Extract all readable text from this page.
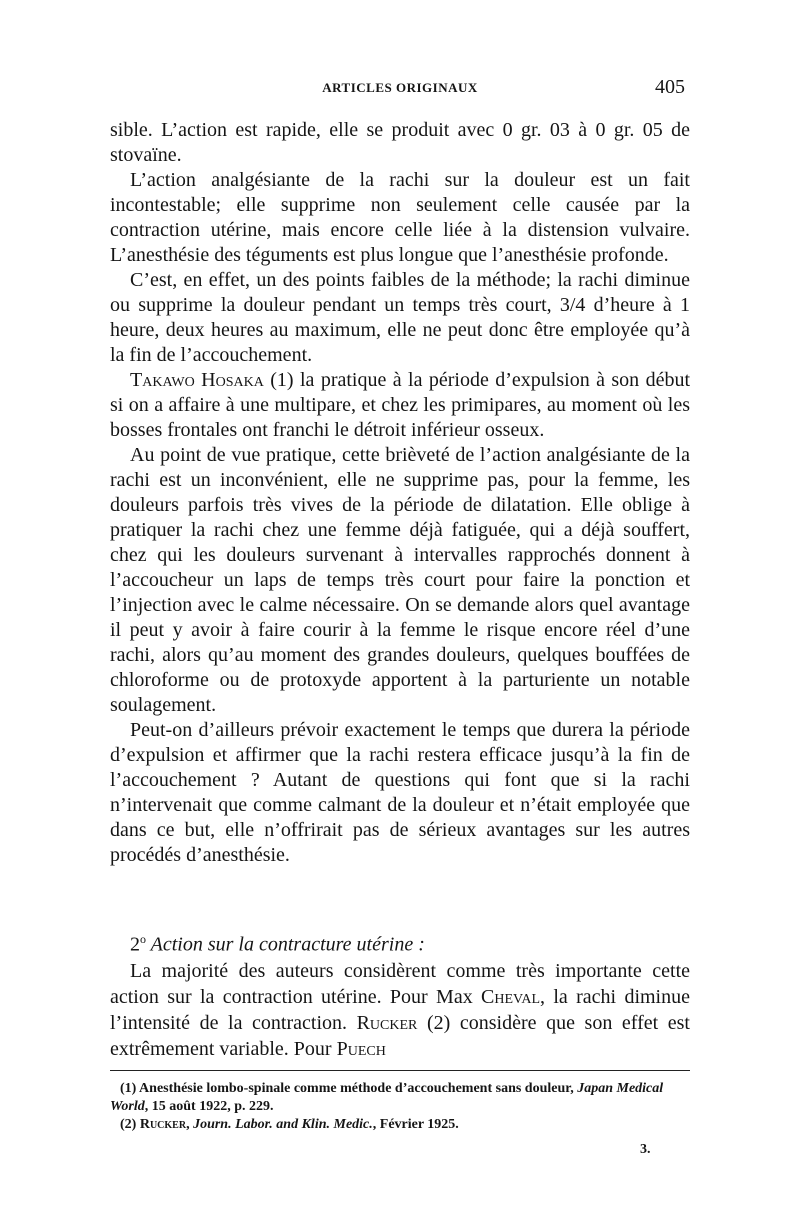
ARTICLES ORIGINAUX	405

sible. L’action est rapide, elle se produit avec 0 gr. 03 à 0 gr. 05 de stovaïne.

L’action analgésiante de la rachi sur la douleur est un fait incontestable; elle supprime non seulement celle causée par la contraction utérine, mais encore celle liée à la distension vulvaire. L’anesthésie des téguments est plus longue que l’anesthésie profonde.

C’est, en effet, un des points faibles de la méthode; la rachi diminue ou supprime la douleur pendant un temps très court, 3/4 d’heure à 1 heure, deux heures au maximum, elle ne peut donc être employée qu’à la fin de l’accouchement.

Takawo Hosaka (1) la pratique à la période d’expulsion à son début si on a affaire à une multipare, et chez les primipares, au moment où les bosses frontales ont franchi le détroit inférieur osseux.

Au point de vue pratique, cette brièveté de l’action analgésiante de la rachi est un inconvénient, elle ne supprime pas, pour la femme, les douleurs parfois très vives de la période de dilatation. Elle oblige à pratiquer la rachi chez une femme déjà fatiguée, qui a déjà souffert, chez qui les douleurs survenant à intervalles rapprochés donnent à l’accoucheur un laps de temps très court pour faire la ponction et l’injection avec le calme nécessaire. On se demande alors quel avantage il peut y avoir à faire courir à la femme le risque encore réel d’une rachi, alors qu’au moment des grandes douleurs, quelques bouffées de chloroforme ou de protoxyde apportent à la parturiente un notable soulagement.

Peut-on d’ailleurs prévoir exactement le temps que durera la période d’expulsion et affirmer que la rachi restera efficace jusqu’à la fin de l’accouchement ? Autant de questions qui font que si la rachi n’intervenait que comme calmant de la douleur et n’était employée que dans ce but, elle n’offrirait pas de sérieux avantages sur les autres procédés d’anesthésie.

2$^o$ Action sur la contracture utérine :
La majorité des auteurs considèrent comme très importante cette action sur la contraction utérine. Pour Max Cheval, la rachi diminue l’intensité de la contraction. Rucker (2) considère que son effet est extrêmement variable. Pour Puech

(1) Anesthésie lombo-spinale comme méthode d’accouchement sans douleur, Japan Medical World, 15 août 1922, p. 229.

(2) Rucker, Journ. Labor. and Klin. Medic., Février 1925.

3.
